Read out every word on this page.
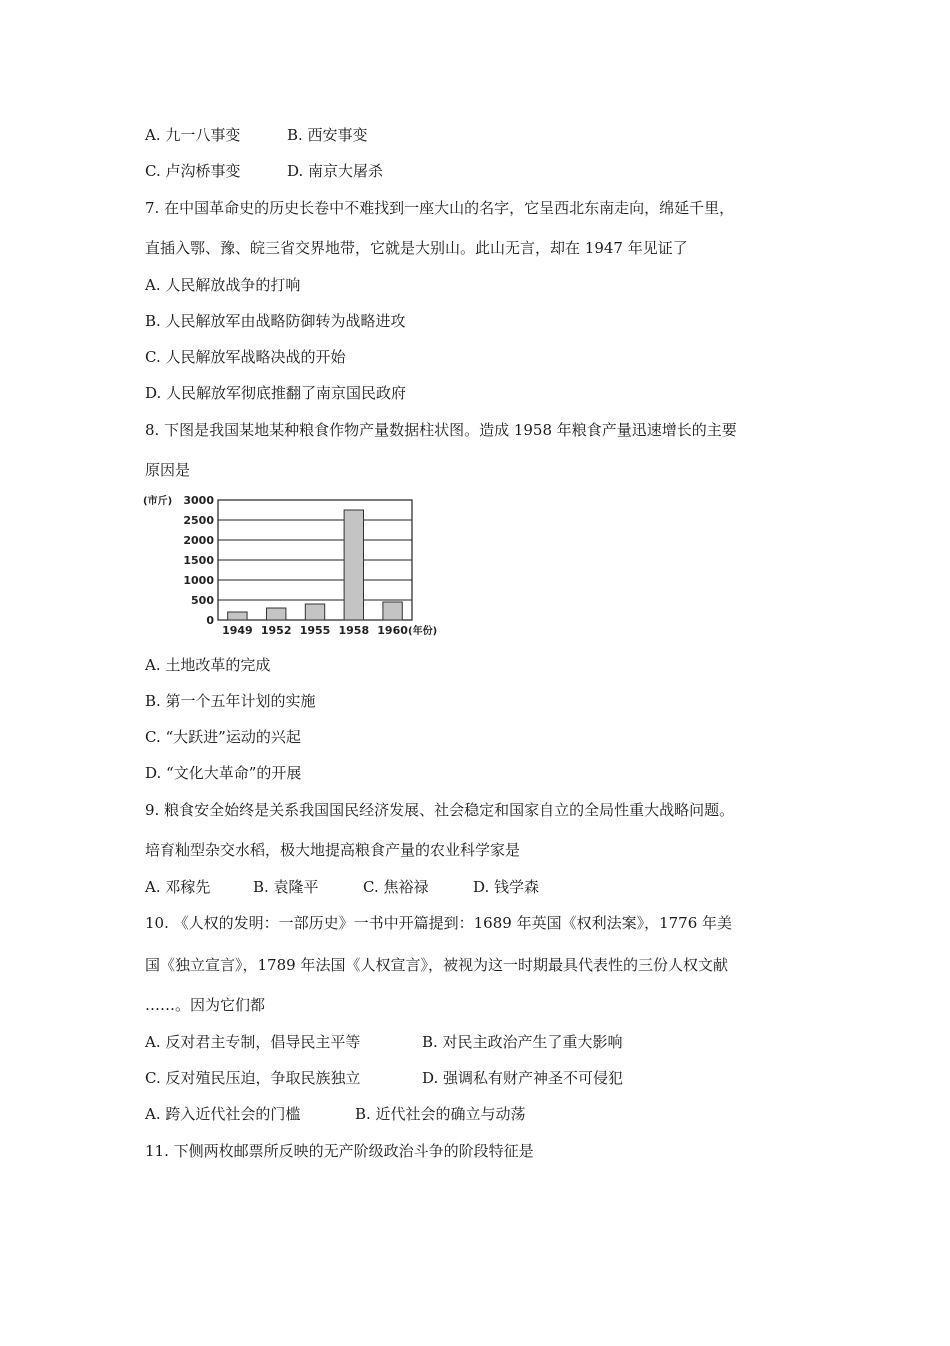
A. 九一八事变	B. 西安事变
C. 卢沟桥事变	D. 南京大屠杀
7. 在中国革命史的历史长卷中不难找到一座大山的名字，它呈西北东南走向，绵延千里，
直插入鄂、豫、皖三省交界地带，它就是大别山。此山无言，却在 1947 年见证了
A. 人民解放战争的打响
B. 人民解放军由战略防御转为战略进攻
C. 人民解放军战略决战的开始
D. 人民解放军彻底推翻了南京国民政府
8. 下图是我国某地某种粮食作物产量数据柱状图。造成 1958 年粮食产量迅速增长的主要
原因是
3000
2500
2000
1500
1000
500
0
1949 1952 1955 1958 1960
(市斤)
(年份)
A. 土地改革的完成
B. 第一个五年计划的实施
C. “大跃进”运动的兴起
D. “文化大革命”的开展
9. 粮食安全始终是关系我国国民经济发展、社会稳定和国家自立的全局性重大战略问题。
培育籼型杂交水稻，极大地提高粮食产量的农业科学家是
A. 邓稼先	B. 袁隆平	C. 焦裕禄	D. 钱学森
10. 《人权的发明：一部历史》一书中开篇提到：1689 年英国《权利法案》，1776 年美
国《独立宣言》，1789 年法国《人权宣言》，被视为这一时期最具代表性的三份人权文献
……。因为它们都
A. 反对君主专制，倡导民主平等	B. 对民主政治产生了重大影响
C. 反对殖民压迫，争取民族独立	D. 强调私有财产神圣不可侵犯
A. 跨入近代社会的门槛	B. 近代社会的确立与动荡
11. 下侧两枚邮票所反映的无产阶级政治斗争的阶段特征是
